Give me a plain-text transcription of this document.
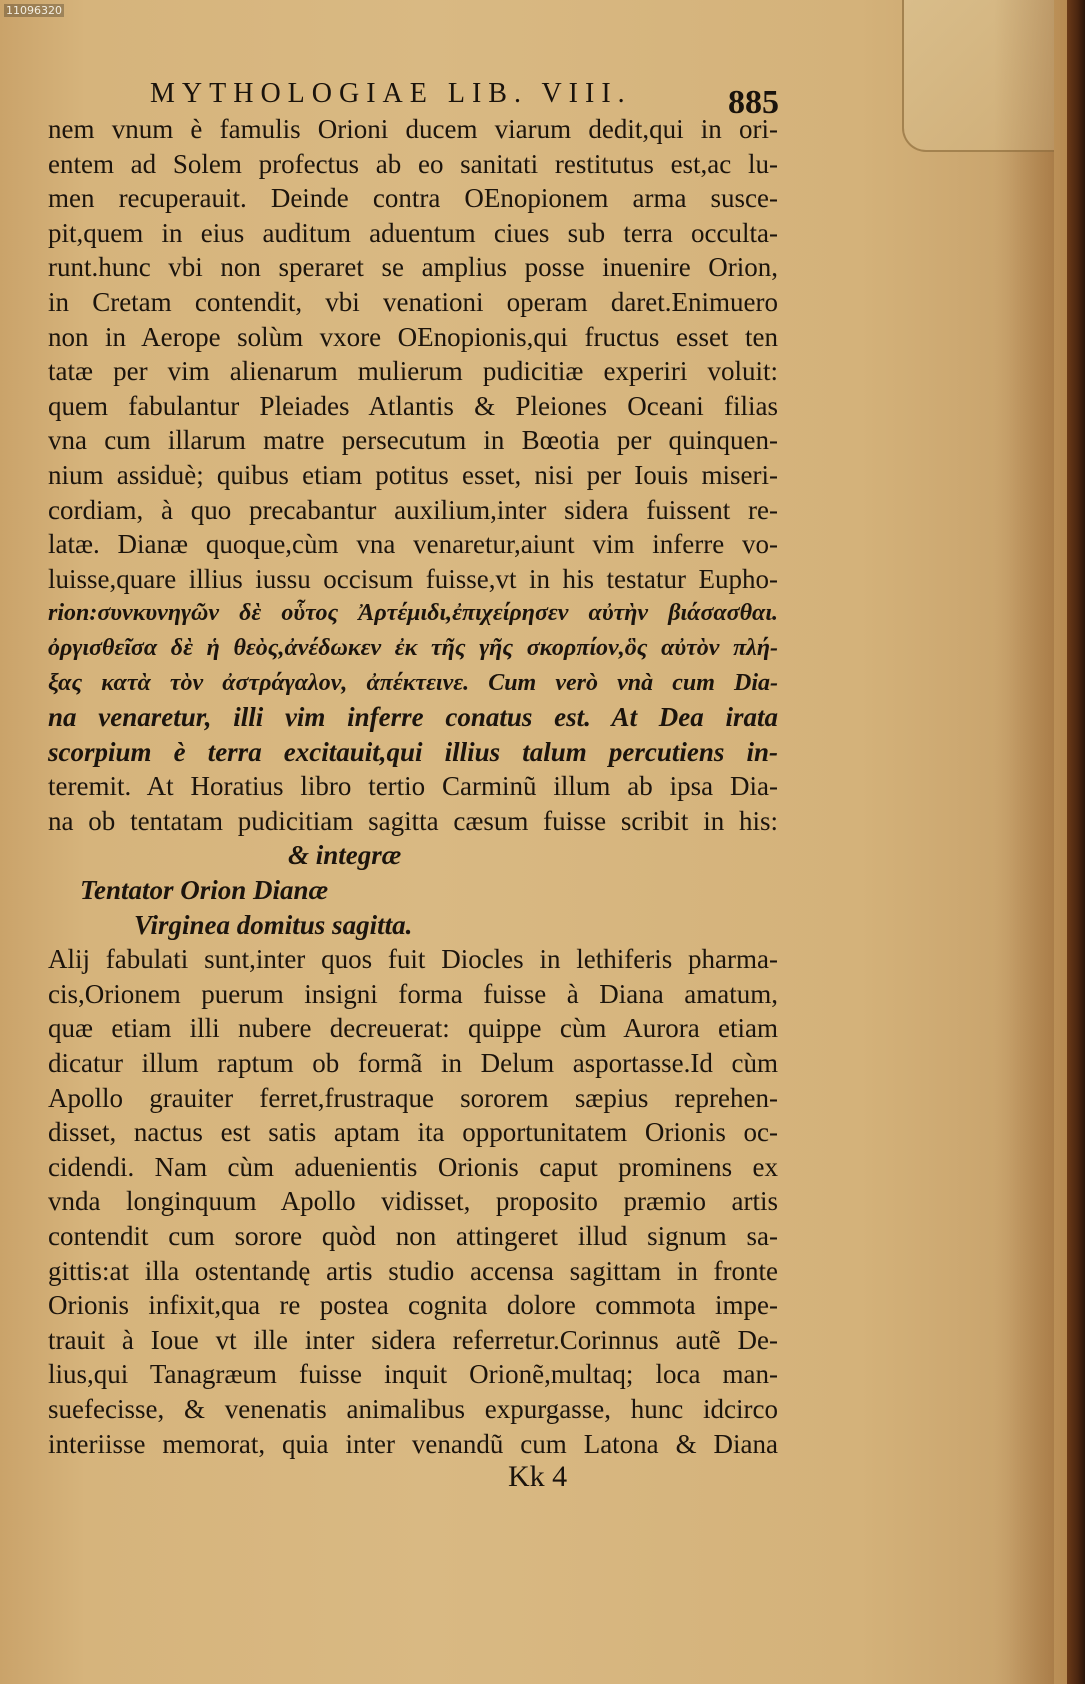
11096320
MYTHOLOGIAE LIB. VIII.	885
nem vnum è famulis Orioni ducem viarum dedit,qui in ori-
entem ad Solem profectus ab eo sanitati restitutus est,ac lu-
men recuperauit. Deinde contra OEnopionem arma susce-
pit,quem in eius auditum aduentum ciues sub terra occulta-
runt.hunc vbi non speraret se amplius posse inuenire Orion,
in Cretam contendit, vbi venationi operam daret.Enimuero
non in Aerope solùm vxore OEnopionis,qui fructus esset ten
tatæ per vim alienarum mulierum pudicitiæ experiri voluit:
quem fabulantur Pleiades Atlantis & Pleiones Oceani filias
vna cum illarum matre persecutum in Bœotia per quinquen-
nium assiduè; quibus etiam potitus esset, nisi per Iouis miseri-
cordiam, à quo precabantur auxilium,inter sidera fuissent re-
latæ. Dianæ quoque,cùm vna venaretur,aiunt vim inferre vo-
luisse,quare illius iussu occisum fuisse,vt in his testatur Eupho-
rion:συνκυνηγῶν δὲ οὗτος Ἀρτέμιδι,ἐπιχείρησεν αὐτὴν βιάσασθαι.
ὀργισθεῖσα δὲ ἡ θεὸς,ἀνέδωκεν ἐκ τῆς γῆς σκορπίον,ὃς αὐτὸν πλή-
ξας κατὰ τὸν ἀστράγαλον, ἀπέκτεινε. Cum verò vnà cum Dia-
na venaretur, illi vim inferre conatus est. At Dea irata
scorpium è terra excitauit,qui illius talum percutiens in-
teremit. At Horatius libro tertio Carminũ illum ab ipsa Dia-
na ob tentatam pudicitiam sagitta cæsum fuisse scribit in his:
& integræ
Tentator Orion Dianæ
Virginea domitus sagitta.
Alij fabulati sunt,inter quos fuit Diocles in lethiferis pharma-
cis,Orionem puerum insigni forma fuisse à Diana amatum,
quæ etiam illi nubere decreuerat: quippe cùm Aurora etiam
dicatur illum raptum ob formã in Delum asportasse.Id cùm
Apollo grauiter ferret,frustraque sororem sæpius reprehen-
disset, nactus est satis aptam ita opportunitatem Orionis oc-
cidendi. Nam cùm aduenientis Orionis caput prominens ex
vnda longinquum Apollo vidisset, proposito præmio artis
contendit cum sorore quòd non attingeret illud signum sa-
gittis:at illa ostentandę artis studio accensa sagittam in fronte
Orionis infixit,qua re postea cognita dolore commota impe-
trauit à Ioue vt ille inter sidera referretur.Corinnus autẽ De-
lius,qui Tanagræum fuisse inquit Orionẽ,multaq; loca man-
suefecisse, & venenatis animalibus expurgasse, hunc idcirco
interiisse memorat, quia inter venandũ cum Latona & Diana
Kk 4
